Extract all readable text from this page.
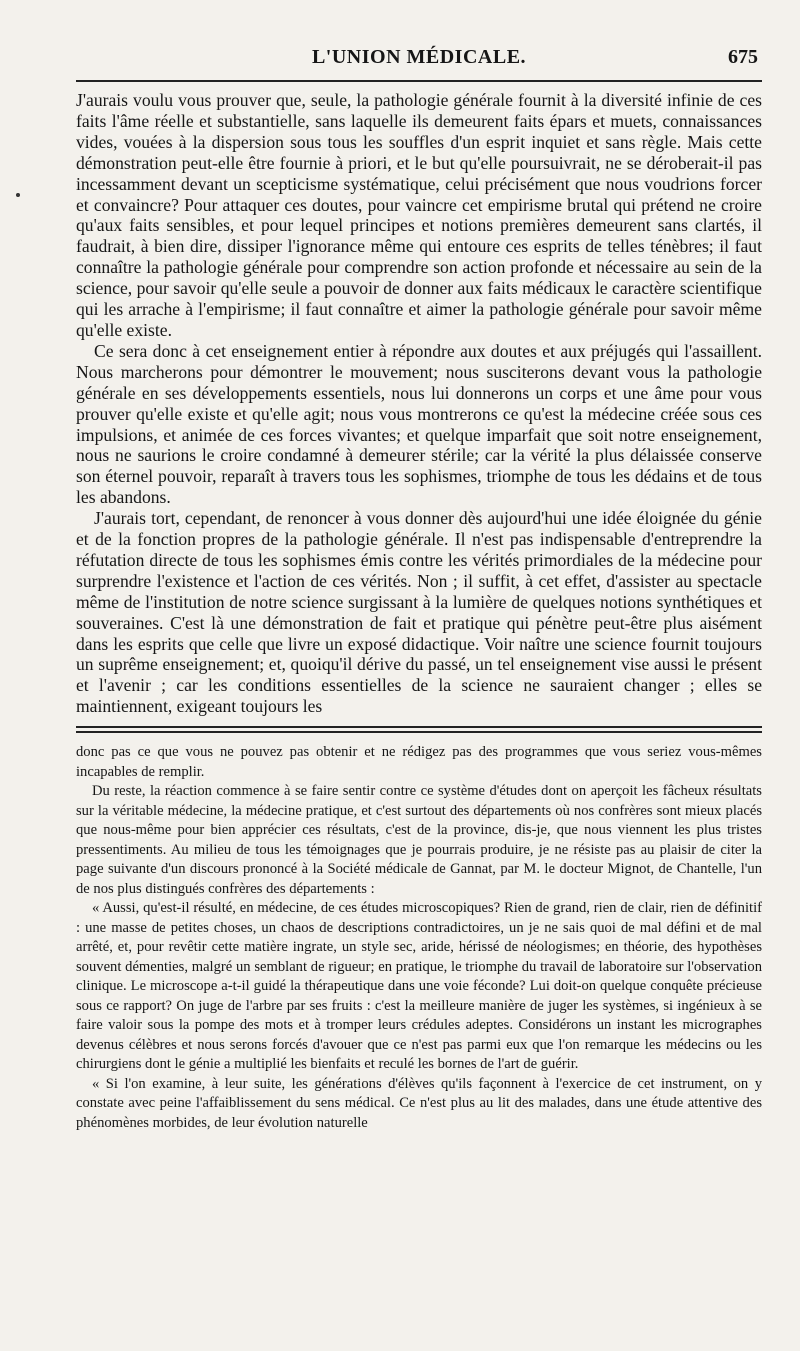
L'UNION MÉDICALE.	675

J'aurais voulu vous prouver que, seule, la pathologie générale fournit à la diversité infinie de ces faits l'âme réelle et substantielle, sans laquelle ils demeurent faits épars et muets, connaissances vides, vouées à la dispersion sous tous les souffles d'un esprit inquiet et sans règle. Mais cette démonstration peut-elle être fournie à priori, et le but qu'elle poursuivrait, ne se déroberait-il pas incessamment devant un scepticisme systématique, celui précisément que nous voudrions forcer et convaincre? Pour attaquer ces doutes, pour vaincre cet empirisme brutal qui prétend ne croire qu'aux faits sensibles, et pour lequel principes et notions premières demeurent sans clartés, il faudrait, à bien dire, dissiper l'ignorance même qui entoure ces esprits de telles ténèbres; il faut connaître la pathologie générale pour comprendre son action profonde et nécessaire au sein de la science, pour savoir qu'elle seule a pouvoir de donner aux faits médicaux le caractère scientifique qui les arrache à l'empirisme; il faut connaître et aimer la pathologie générale pour savoir même qu'elle existe.

Ce sera donc à cet enseignement entier à répondre aux doutes et aux préjugés qui l'assaillent. Nous marcherons pour démontrer le mouvement; nous susciterons devant vous la pathologie générale en ses développements essentiels, nous lui donnerons un corps et une âme pour vous prouver qu'elle existe et qu'elle agit; nous vous montrerons ce qu'est la médecine créée sous ces impulsions, et animée de ces forces vivantes; et quelque imparfait que soit notre enseignement, nous ne saurions le croire condamné à demeurer stérile; car la vérité la plus délaissée conserve son éternel pouvoir, reparaît à travers tous les sophismes, triomphe de tous les dédains et de tous les abandons.

J'aurais tort, cependant, de renoncer à vous donner dès aujourd'hui une idée éloignée du génie et de la fonction propres de la pathologie générale. Il n'est pas indispensable d'entreprendre la réfutation directe de tous les sophismes émis contre les vérités primordiales de la médecine pour surprendre l'existence et l'action de ces vérités. Non ; il suffit, à cet effet, d'assister au spectacle même de l'institution de notre science surgissant à la lumière de quelques notions synthétiques et souveraines. C'est là une démonstration de fait et pratique qui pénètre peut-être plus aisément dans les esprits que celle que livre un exposé didactique. Voir naître une science fournit toujours un suprême enseignement; et, quoiqu'il dérive du passé, un tel enseignement vise aussi le présent et l'avenir ; car les conditions essentielles de la science ne sauraient changer ; elles se maintiennent, exigeant toujours les

donc pas ce que vous ne pouvez pas obtenir et ne rédigez pas des programmes que vous seriez vous-mêmes incapables de remplir.

Du reste, la réaction commence à se faire sentir contre ce système d'études dont on aperçoit les fâcheux résultats sur la véritable médecine, la médecine pratique, et c'est surtout des départements où nos confrères sont mieux placés que nous-même pour bien apprécier ces résultats, c'est de la province, dis-je, que nous viennent les plus tristes pressentiments. Au milieu de tous les témoignages que je pourrais produire, je ne résiste pas au plaisir de citer la page suivante d'un discours prononcé à la Société médicale de Gannat, par M. le docteur Mignot, de Chantelle, l'un de nos plus distingués confrères des départements :

« Aussi, qu'est-il résulté, en médecine, de ces études microscopiques? Rien de grand, rien de clair, rien de définitif : une masse de petites choses, un chaos de descriptions contradictoires, un je ne sais quoi de mal défini et de mal arrêté, et, pour revêtir cette matière ingrate, un style sec, aride, hérissé de néologismes; en théorie, des hypothèses souvent démenties, malgré un semblant de rigueur; en pratique, le triomphe du travail de laboratoire sur l'observation clinique. Le microscope a-t-il guidé la thérapeutique dans une voie féconde? Lui doit-on quelque conquête précieuse sous ce rapport? On juge de l'arbre par ses fruits : c'est la meilleure manière de juger les systèmes, si ingénieux à se faire valoir sous la pompe des mots et à tromper leurs crédules adeptes. Considérons un instant les micrographes devenus célèbres et nous serons forcés d'avouer que ce n'est pas parmi eux que l'on remarque les médecins ou les chirurgiens dont le génie a multiplié les bienfaits et reculé les bornes de l'art de guérir.

« Si l'on examine, à leur suite, les générations d'élèves qu'ils façonnent à l'exercice de cet instrument, on y constate avec peine l'affaiblissement du sens médical. Ce n'est plus au lit des malades, dans une étude attentive des phénomènes morbides, de leur évolution naturelle
